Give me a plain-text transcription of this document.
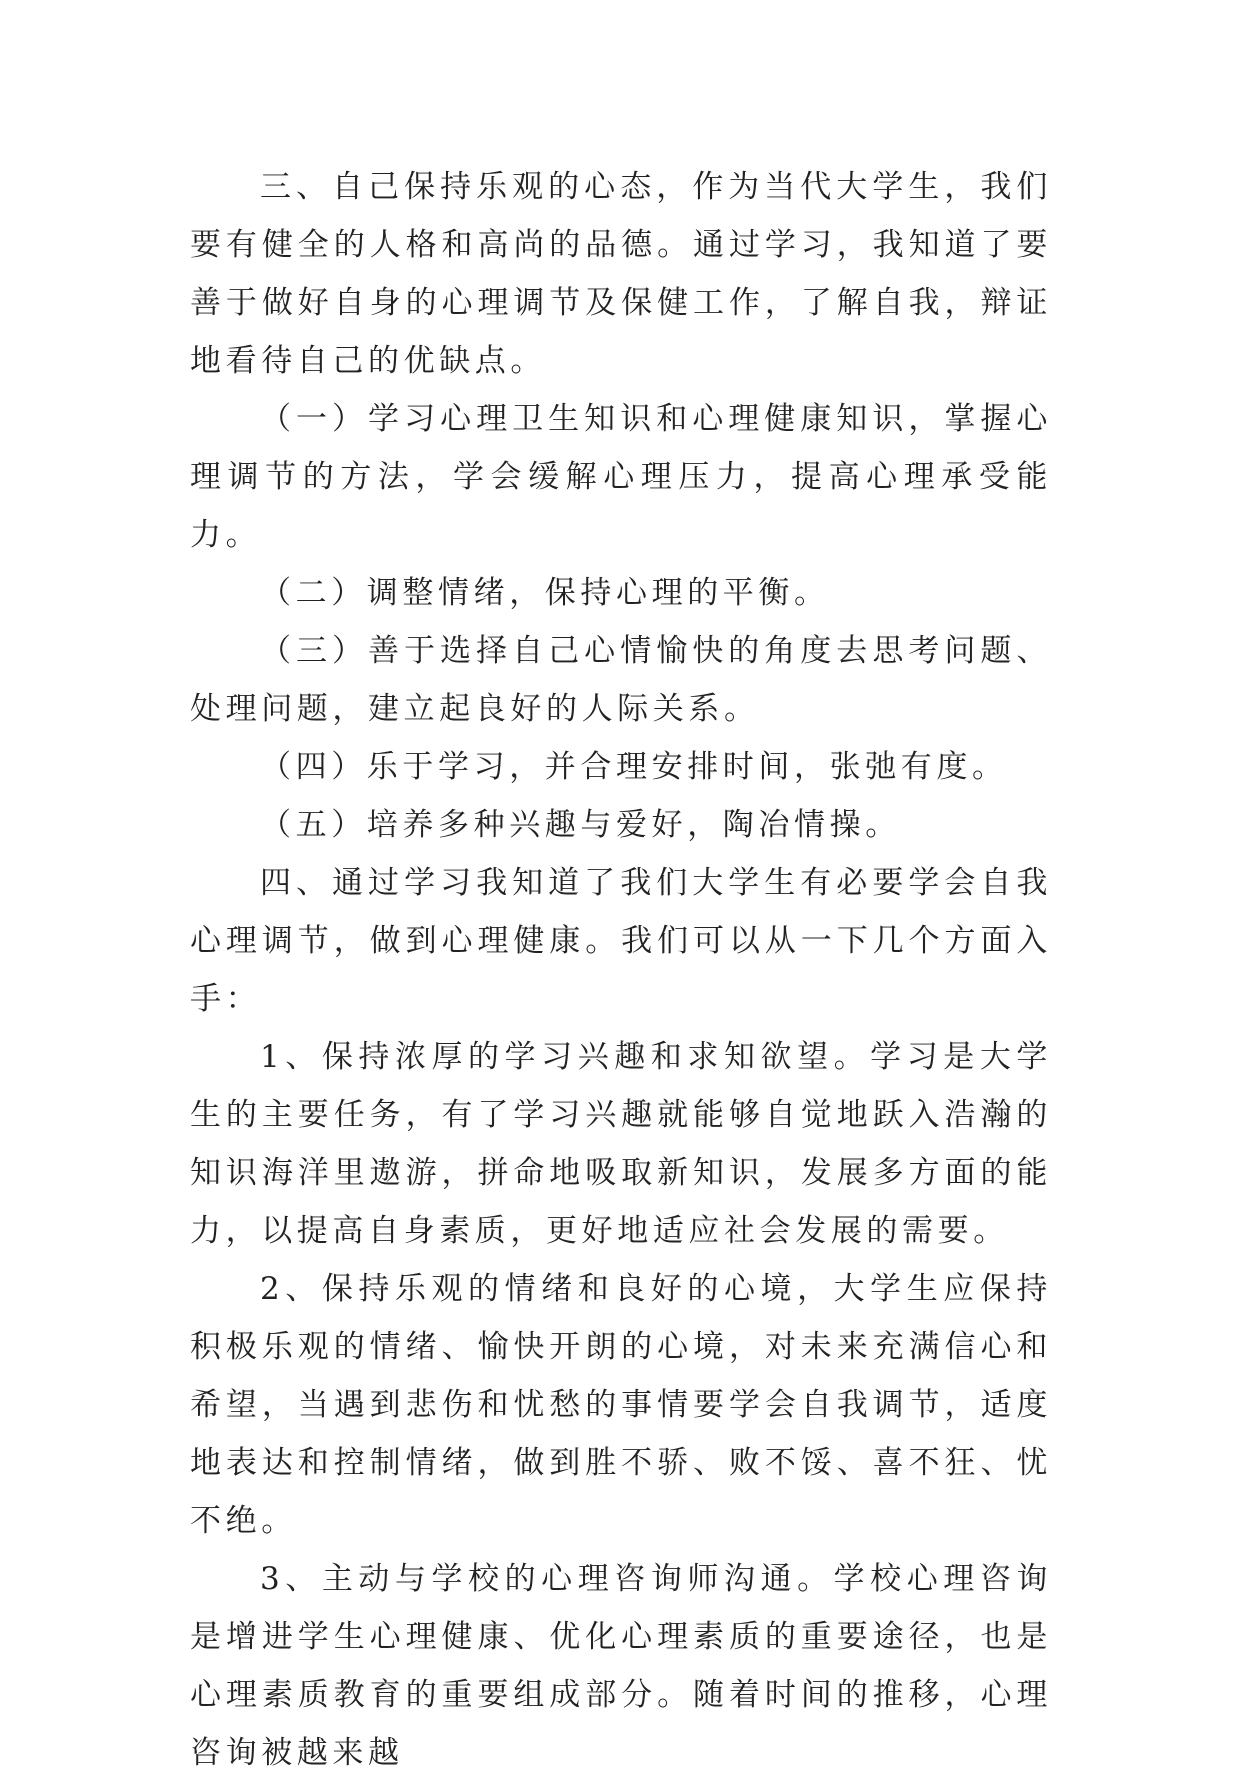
三、自己保持乐观的心态，作为当代大学生，我们要有健全的人格和高尚的品德。通过学习，我知道了要善于做好自身的心理调节及保健工作，了解自我，辩证地看待自己的优缺点。

（一）学习心理卫生知识和心理健康知识，掌握心理调节的方法，学会缓解心理压力，提高心理承受能力。

（二）调整情绪，保持心理的平衡。

（三）善于选择自己心情愉快的角度去思考问题、处理问题，建立起良好的人际关系。

（四）乐于学习，并合理安排时间，张弛有度。

（五）培养多种兴趣与爱好，陶冶情操。

四、通过学习我知道了我们大学生有必要学会自我心理调节，做到心理健康。我们可以从一下几个方面入手：

1、保持浓厚的学习兴趣和求知欲望。学习是大学生的主要任务，有了学习兴趣就能够自觉地跃入浩瀚的知识海洋里遨游，拼命地吸取新知识，发展多方面的能力，以提高自身素质，更好地适应社会发展的需要。

2、保持乐观的情绪和良好的心境，大学生应保持积极乐观的情绪、愉快开朗的心境，对未来充满信心和希望，当遇到悲伤和忧愁的事情要学会自我调节，适度地表达和控制情绪，做到胜不骄、败不馁、喜不狂、忧不绝。

3、主动与学校的心理咨询师沟通。学校心理咨询是增进学生心理健康、优化心理素质的重要途径，也是心理素质教育的重要组成部分。随着时间的推移，心理咨询被越来越
